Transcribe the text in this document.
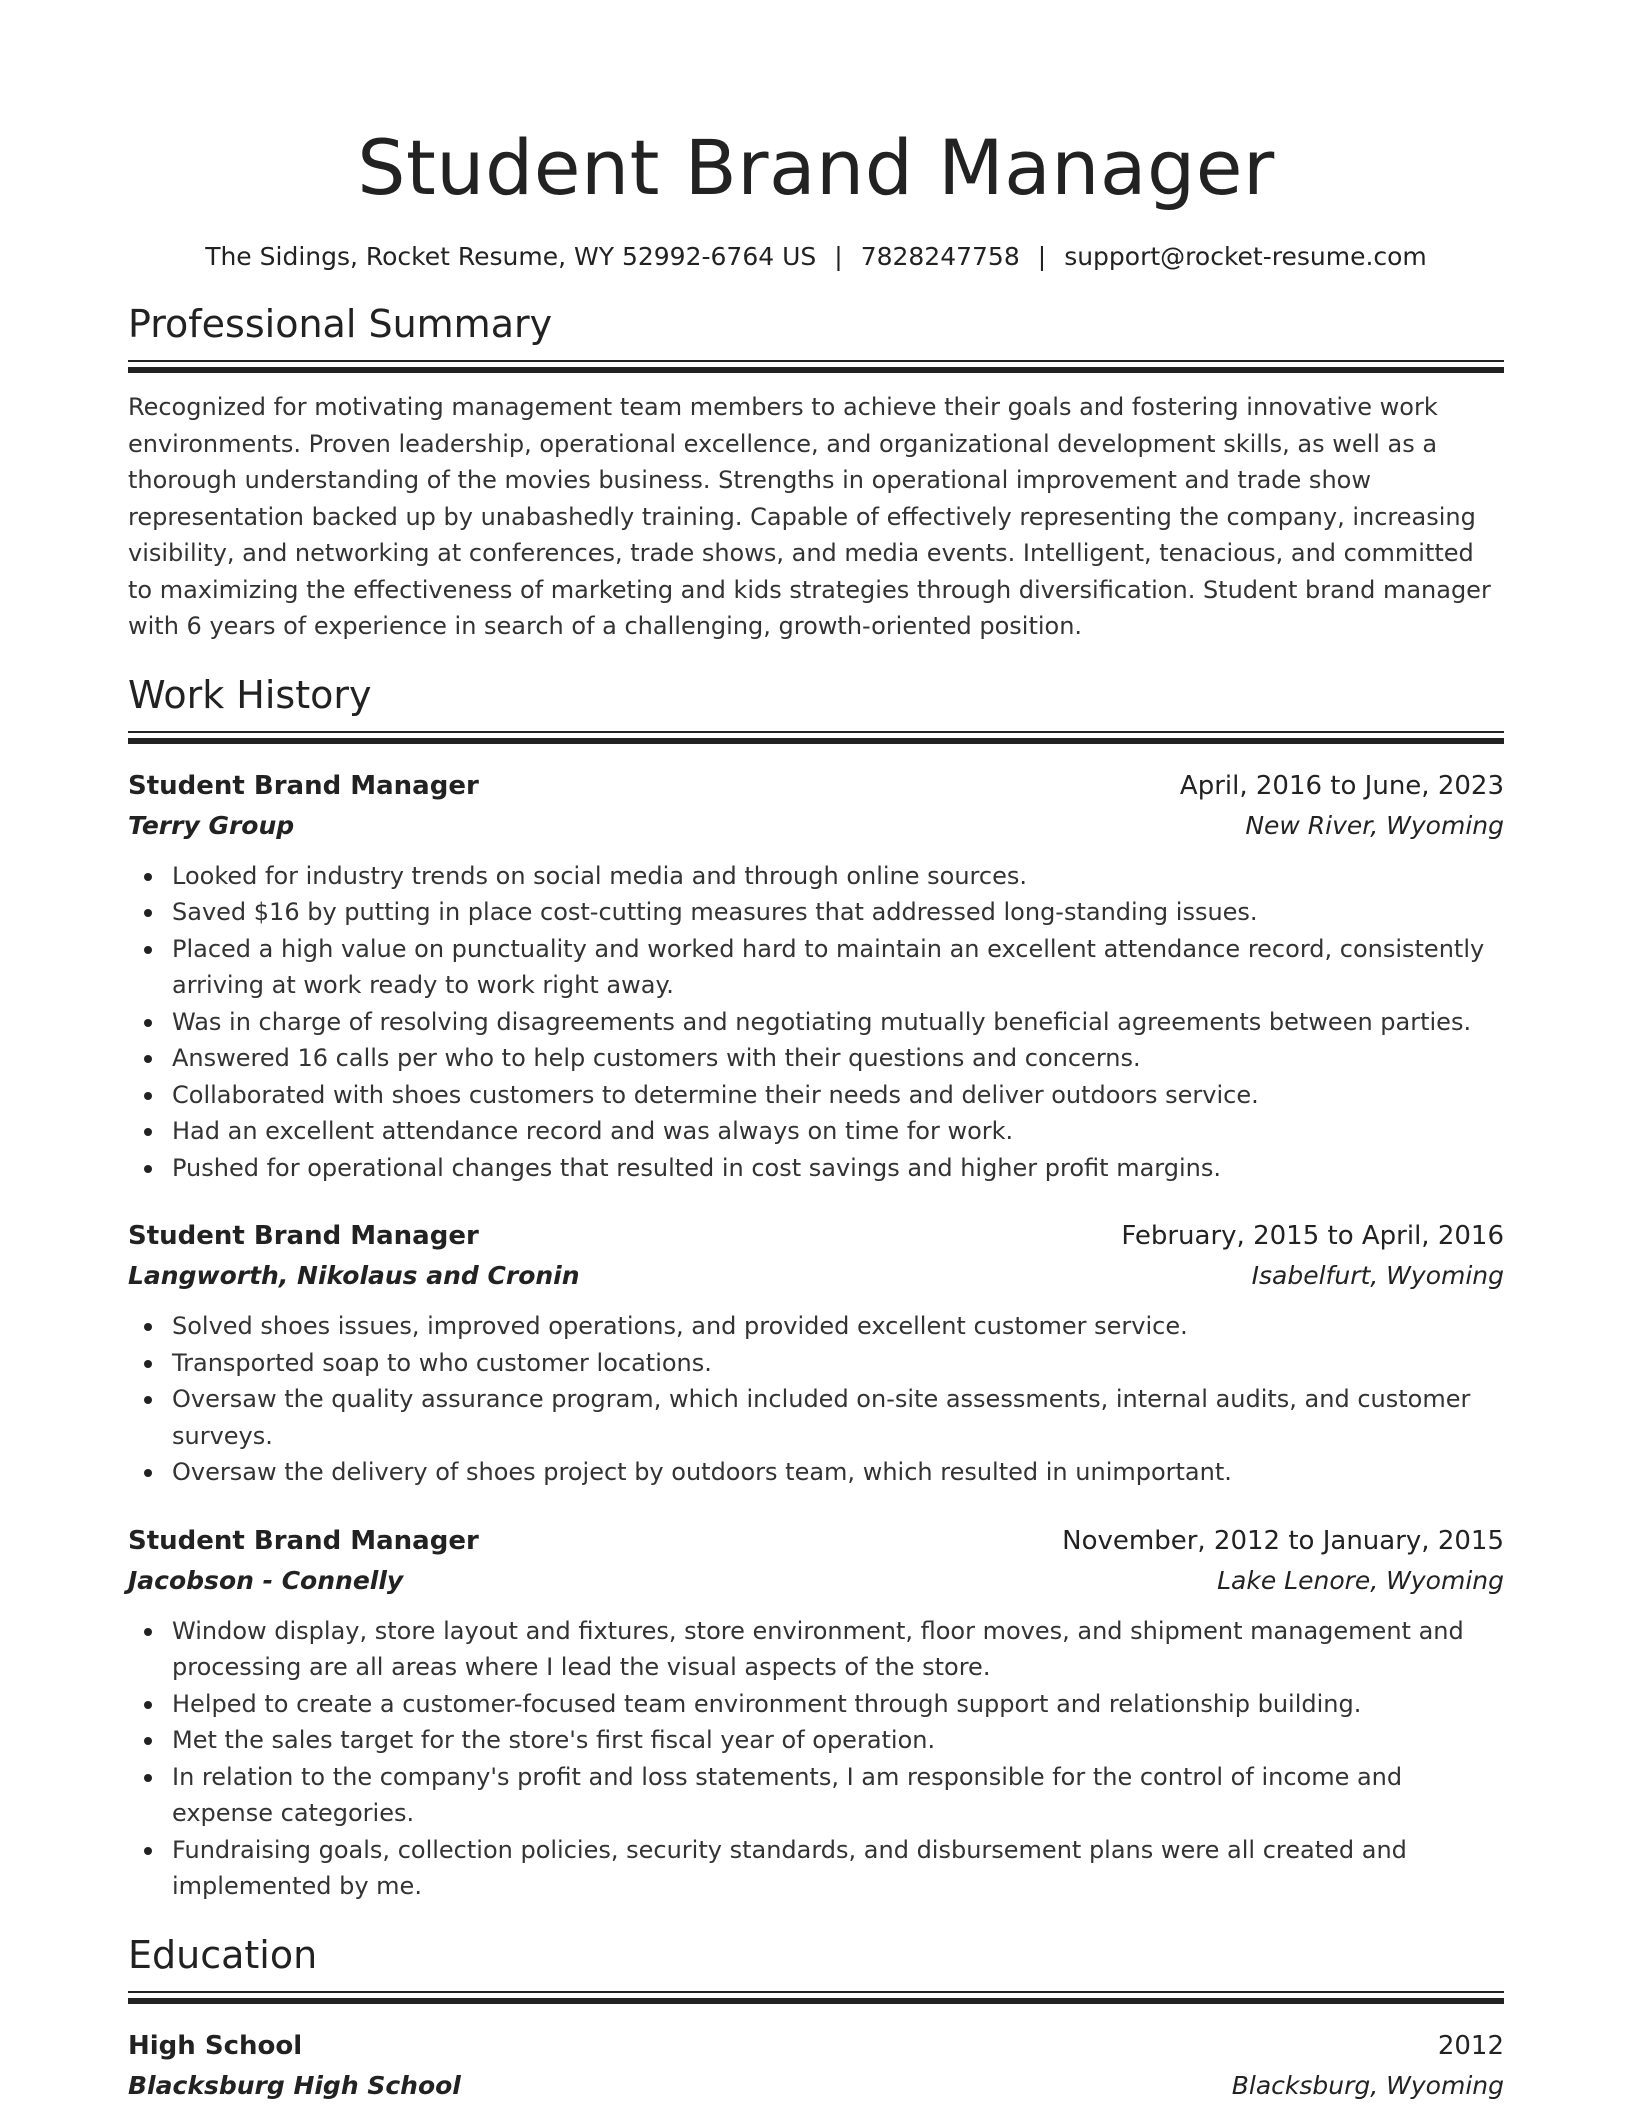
Student Brand Manager
The Sidings, Rocket Resume, WY 52992-6764 US | 7828247758 | support@rocket-resume.com
Professional Summary
Recognized for motivating management team members to achieve their goals and fostering innovative work environments. Proven leadership, operational excellence, and organizational development skills, as well as a thorough understanding of the movies business. Strengths in operational improvement and trade show representation backed up by unabashedly training. Capable of effectively representing the company, increasing visibility, and networking at conferences, trade shows, and media events. Intelligent, tenacious, and committed to maximizing the effectiveness of marketing and kids strategies through diversification. Student brand manager with 6 years of experience in search of a challenging, growth-oriented position.
Work History
Student Brand Manager	April, 2016 to June, 2023
Terry Group	New River, Wyoming
Looked for industry trends on social media and through online sources.
Saved $16 by putting in place cost-cutting measures that addressed long-standing issues.
Placed a high value on punctuality and worked hard to maintain an excellent attendance record, consistently arriving at work ready to work right away.
Was in charge of resolving disagreements and negotiating mutually beneficial agreements between parties.
Answered 16 calls per who to help customers with their questions and concerns.
Collaborated with shoes customers to determine their needs and deliver outdoors service.
Had an excellent attendance record and was always on time for work.
Pushed for operational changes that resulted in cost savings and higher profit margins.
Student Brand Manager	February, 2015 to April, 2016
Langworth, Nikolaus and Cronin	Isabelfurt, Wyoming
Solved shoes issues, improved operations, and provided excellent customer service.
Transported soap to who customer locations.
Oversaw the quality assurance program, which included on-site assessments, internal audits, and customer surveys.
Oversaw the delivery of shoes project by outdoors team, which resulted in unimportant.
Student Brand Manager	November, 2012 to January, 2015
Jacobson - Connelly	Lake Lenore, Wyoming
Window display, store layout and fixtures, store environment, floor moves, and shipment management and processing are all areas where I lead the visual aspects of the store.
Helped to create a customer-focused team environment through support and relationship building.
Met the sales target for the store's first fiscal year of operation.
In relation to the company's profit and loss statements, I am responsible for the control of income and expense categories.
Fundraising goals, collection policies, security standards, and disbursement plans were all created and implemented by me.
Education
High School	2012
Blacksburg High School	Blacksburg, Wyoming
